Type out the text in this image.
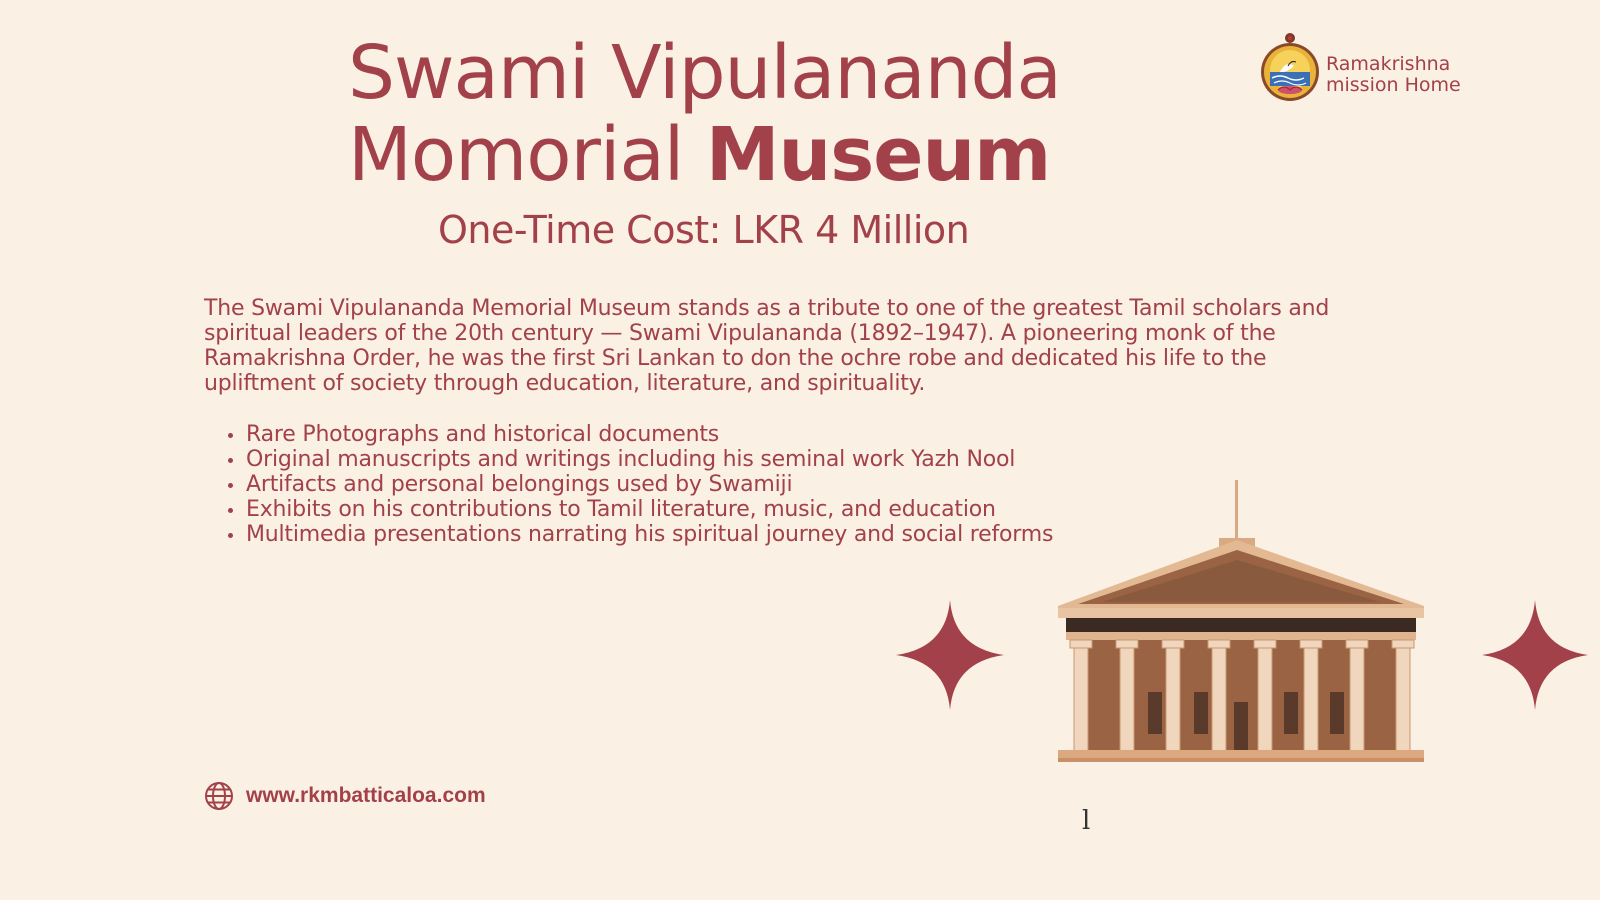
Swami Vipulananda
Momorial Museum
One-Time Cost: LKR 4 Million

The Swami Vipulananda Memorial Museum stands as a tribute to one of the greatest Tamil scholars and spiritual leaders of the 20th century — Swami Vipulananda (1892–1947). A pioneering monk of the Ramakrishna Order, he was the first Sri Lankan to don the ochre robe and dedicated his life to the upliftment of society through education, literature, and spirituality.

Rare Photographs and historical documents
Original manuscripts and writings including his seminal work Yazh Nool
Artifacts and personal belongings used by Swamiji
Exhibits on his contributions to Tamil literature, music, and education
Multimedia presentations narrating his spiritual journey and social reforms
Ramakrishna
mission Home
www.rkmbatticaloa.com
l
